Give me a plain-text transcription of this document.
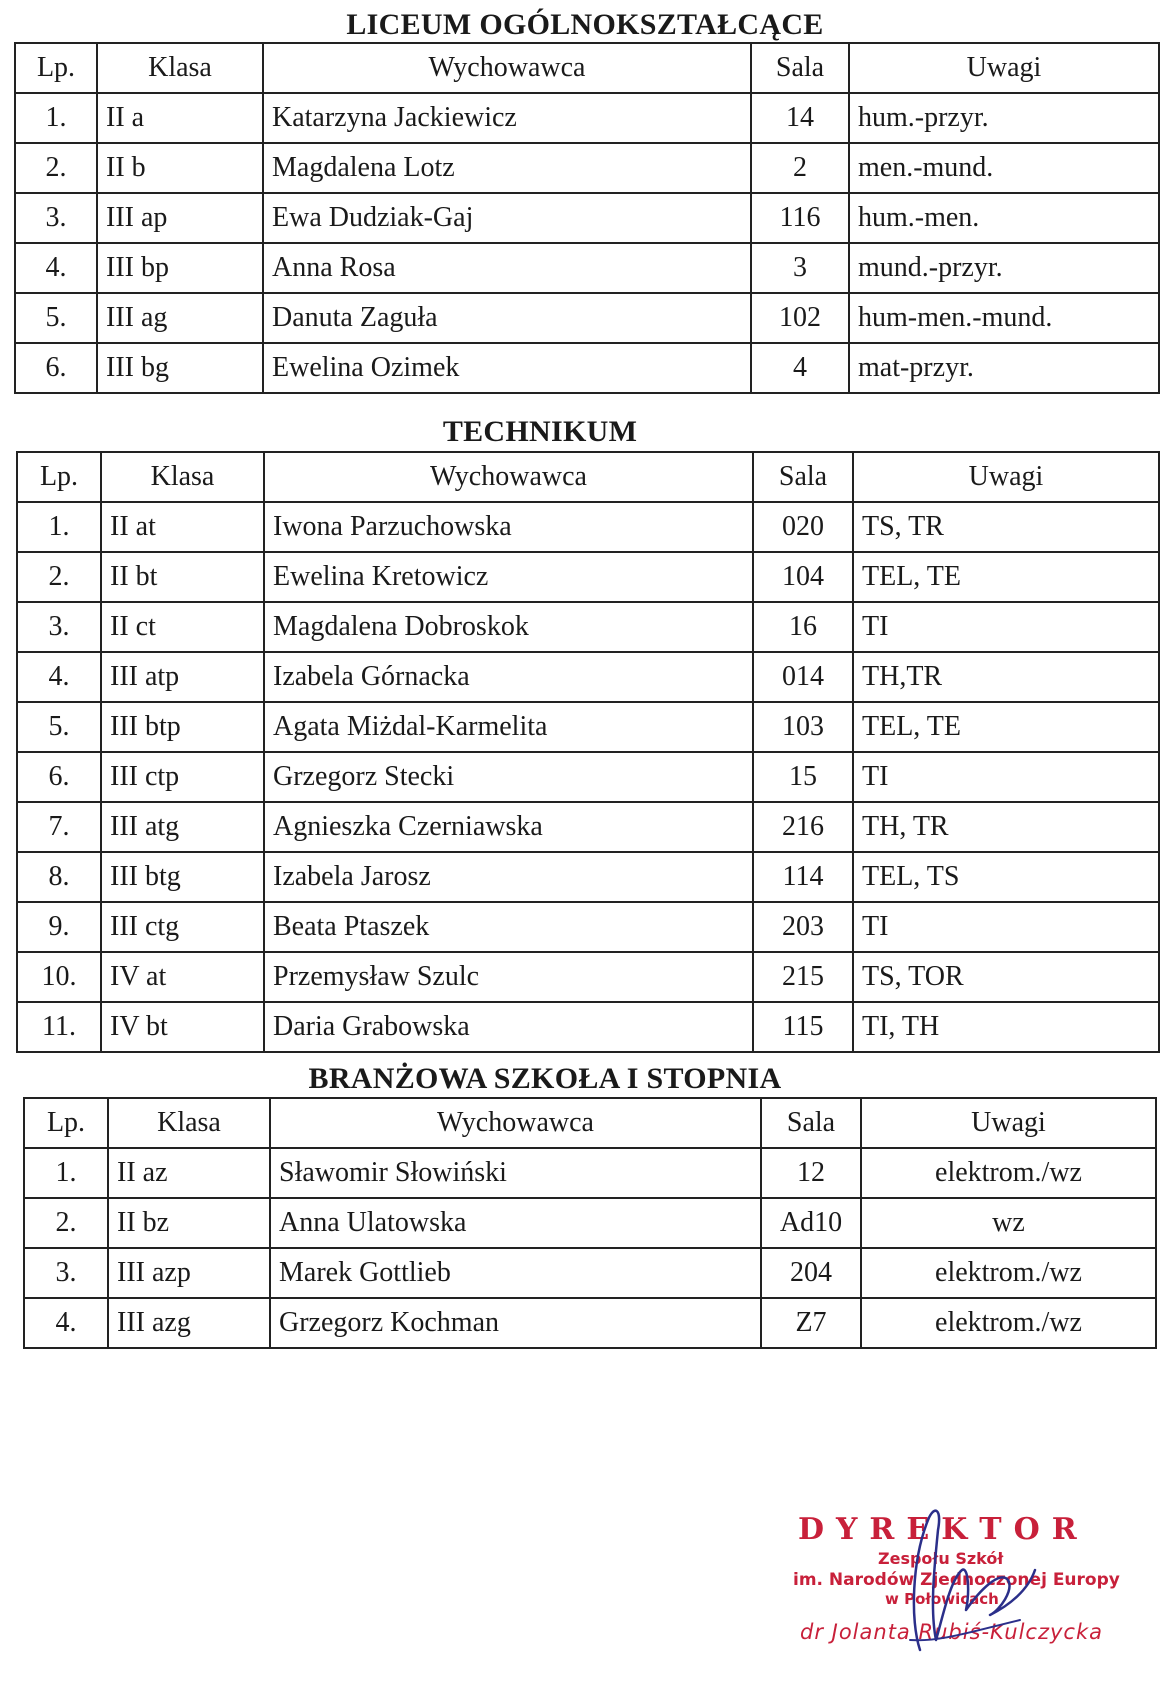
LICEUM OGÓLNOKSZTAŁCĄCE
Lp.	Klasa	Wychowawca	Sala	Uwagi
1.	II a	Katarzyna Jackiewicz	14	hum.-przyr.
2.	II b	Magdalena Lotz	2	men.-mund.
3.	III ap	Ewa Dudziak-Gaj	116	hum.-men.
4.	III bp	Anna Rosa	3	mund.-przyr.
5.	III ag	Danuta Zaguła	102	hum-men.-mund.
6.	III bg	Ewelina Ozimek	4	mat-przyr.
TECHNIKUM
Lp.	Klasa	Wychowawca	Sala	Uwagi
1.	II at	Iwona Parzuchowska	020	TS, TR
2.	II bt	Ewelina Kretowicz	104	TEL, TE
3.	II ct	Magdalena Dobroskok	16	TI
4.	III atp	Izabela Górnacka	014	TH,TR
5.	III btp	Agata Miżdal-Karmelita	103	TEL, TE
6.	III ctp	Grzegorz Stecki	15	TI
7.	III atg	Agnieszka Czerniawska	216	TH, TR
8.	III btg	Izabela Jarosz	114	TEL, TS
9.	III ctg	Beata Ptaszek	203	TI
10.	IV at	Przemysław Szulc	215	TS, TOR
11.	IV bt	Daria Grabowska	115	TI, TH
BRANŻOWA SZKOŁA I STOPNIA
Lp.	Klasa	Wychowawca	Sala	Uwagi
1.	II az	Sławomir Słowiński	12	elektrom./wz
2.	II bz	Anna Ulatowska	Ad10	wz
3.	III azp	Marek Gottlieb	204	elektrom./wz
4.	III azg	Grzegorz Kochman	Z7	elektrom./wz
DYREKTOR
Zespołu Szkół
im. Narodów Zjednoczonej Europy
w Połowicach
dr Jolanta Rubiś-Kulczycka
